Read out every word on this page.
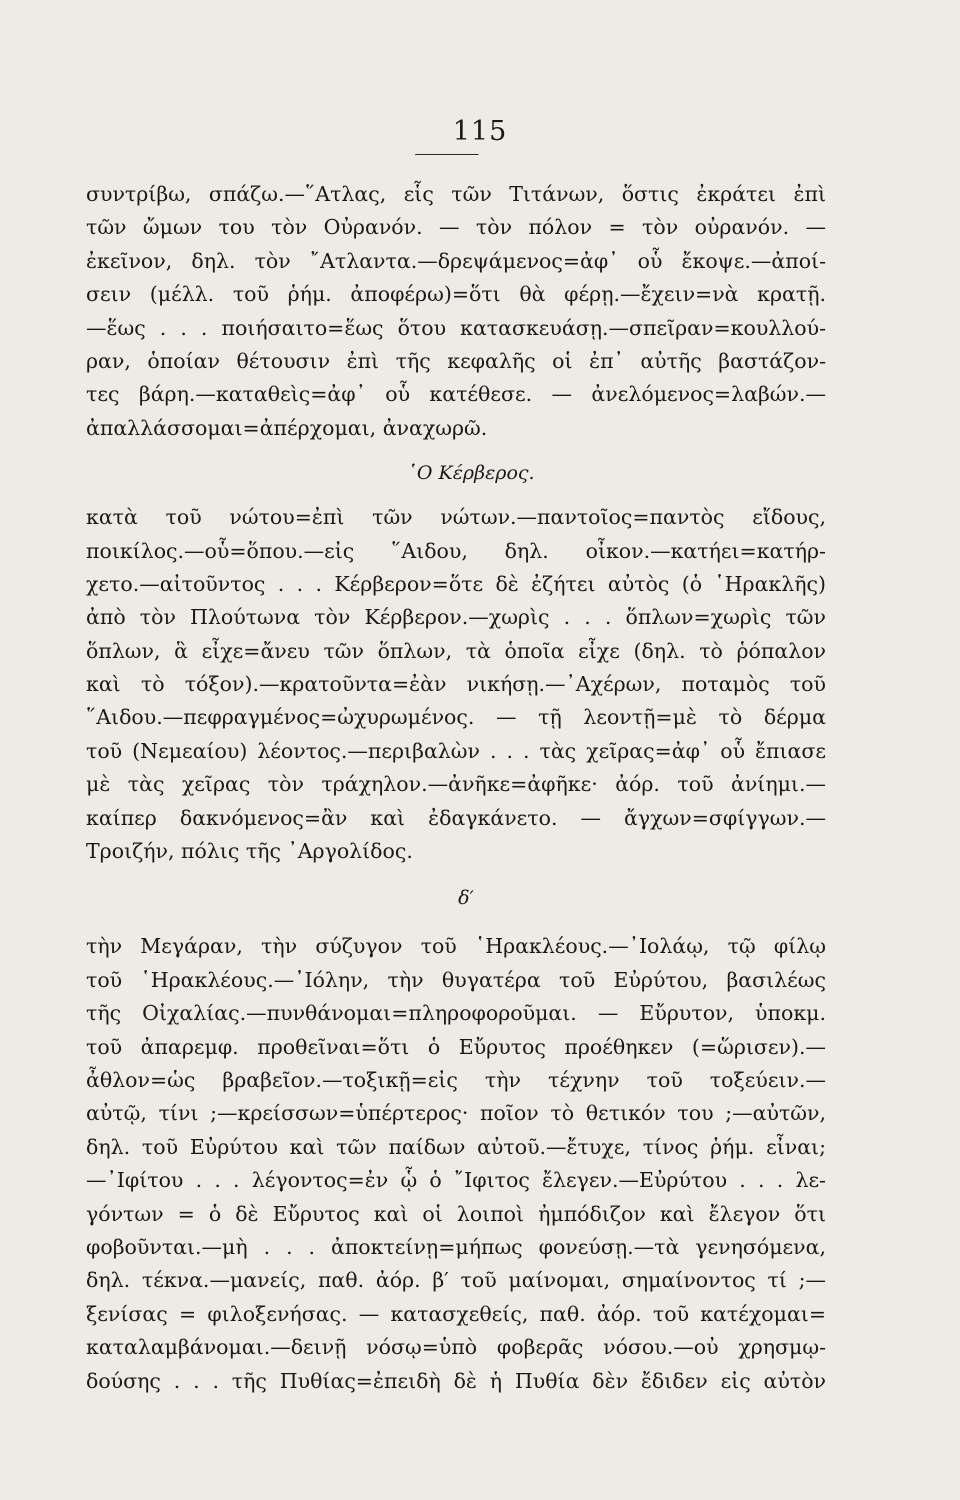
115
συντρίβω, σπάζω.—῞Ατλας, εἷς τῶν Τιτάνων, ὅστις ἐκράτει ἐπὶ
τῶν ὤμων του τὸν Οὐρανόν. — τὸν πόλον = τὸν οὐρανόν. —
ἐκεῖνον, δηλ. τὸν ῎Ατλαντα.—δρεψάμενος=ἀφ᾿ οὗ ἔκοψε.—ἀποί-
σειν (μέλλ. τοῦ ῥήμ. ἀποφέρω)=ὅτι θὰ φέρῃ.—ἔχειν=νὰ κρατῇ.
—ἕως . . . ποιήσαιτο=ἕως ὅτου κατασκευάσῃ.—σπεῖραν=κουλλού-
ραν, ὁποίαν θέτουσιν ἐπὶ τῆς κεφαλῆς οἱ ἐπ᾿ αὐτῆς βαστάζον-
τες βάρη.—καταθεὶς=ἀφ᾿ οὗ κατέθεσε. — ἀνελόμενος=λαβών.—
ἀπαλλάσσομαι=ἀπέρχομαι, ἀναχωρῶ.
῾Ο Κέρβερος.
κατὰ τοῦ νώτου=ἐπὶ τῶν νώτων.—παντοῖος=παντὸς εἴδους,
ποικίλος.—οὗ=ὅπου.—εἰς ῞Αιδου, δηλ. οἶκον.—κατήει=κατήρ-
χετο.—αἰτοῦντος . . . Κέρβερον=ὅτε δὲ ἐζήτει αὐτὸς (ὁ ῾Ηρακλῆς)
ἀπὸ τὸν Πλούτωνα τὸν Κέρβερον.—χωρὶς . . . ὅπλων=χωρὶς τῶν
ὅπλων, ἃ εἶχε=ἄνευ τῶν ὅπλων, τὰ ὁποῖα εἶχε (δηλ. τὸ ῥόπαλον
καὶ τὸ τόξον).—κρατοῦντα=ἐὰν νικήσῃ.—᾿Αχέρων, ποταμὸς τοῦ
῞Αιδου.—πεφραγμένος=ὠχυρωμένος. — τῇ λεοντῇ=μὲ τὸ δέρμα
τοῦ (Νεμεαίου) λέοντος.—περιβαλὼν . . . τὰς χεῖρας=ἀφ᾿ οὗ ἔπιασε
μὲ τὰς χεῖρας τὸν τράχηλον.—ἀνῆκε=ἀφῆκε· ἀόρ. τοῦ ἀνίημι.—
καίπερ δακνόμενος=ἂν καὶ ἐδαγκάνετο. — ἄγχων=σφίγγων.—
Τροιζήν, πόλις τῆς ᾿Αργολίδος.
δ′
τὴν Μεγάραν, τὴν σύζυγον τοῦ ῾Ηρακλέους.—᾿Ιολάῳ, τῷ φίλῳ
τοῦ ῾Ηρακλέους.—᾿Ιόλην, τὴν θυγατέρα τοῦ Εὐρύτου, βασιλέως
τῆς Οἰχαλίας.—πυνθάνομαι=πληροφοροῦμαι. — Εὔρυτον, ὑποκμ.
τοῦ ἀπαρεμφ. προθεῖναι=ὅτι ὁ Εὔρυτος προέθηκεν (=ὥρισεν).—
ἆθλον=ὡς βραβεῖον.—τοξικῇ=εἰς τὴν τέχνην τοῦ τοξεύειν.—
αὐτῷ, τίνι ;—κρείσσων=ὑπέρτερος· ποῖον τὸ θετικόν του ;—αὐτῶν,
δηλ. τοῦ Εὐρύτου καὶ τῶν παίδων αὐτοῦ.—ἔτυχε, τίνος ῥήμ. εἶναι;
—᾿Ιφίτου . . . λέγοντος=ἐν ᾧ ὁ ῎Ιφιτος ἔλεγεν.—Εὐρύτου . . . λε-
γόντων = ὁ δὲ Εὔρυτος καὶ οἱ λοιποὶ ἠμπόδιζον καὶ ἔλεγον ὅτι
φοβοῦνται.—μὴ . . . ἀποκτείνῃ=μήπως φονεύσῃ.—τὰ γενησόμενα,
δηλ. τέκνα.—μανείς, παθ. ἀόρ. β′ τοῦ μαίνομαι, σημαίνοντος τί ;—
ξενίσας = φιλοξενήσας. — κατασχεθείς, παθ. ἀόρ. τοῦ κατέχομαι=
καταλαμβάνομαι.—δεινῇ νόσῳ=ὑπὸ φοβερᾶς νόσου.—οὐ χρησμῳ-
δούσης . . . τῆς Πυθίας=ἐπειδὴ δὲ ἡ Πυθία δὲν ἔδιδεν εἰς αὐτὸν
